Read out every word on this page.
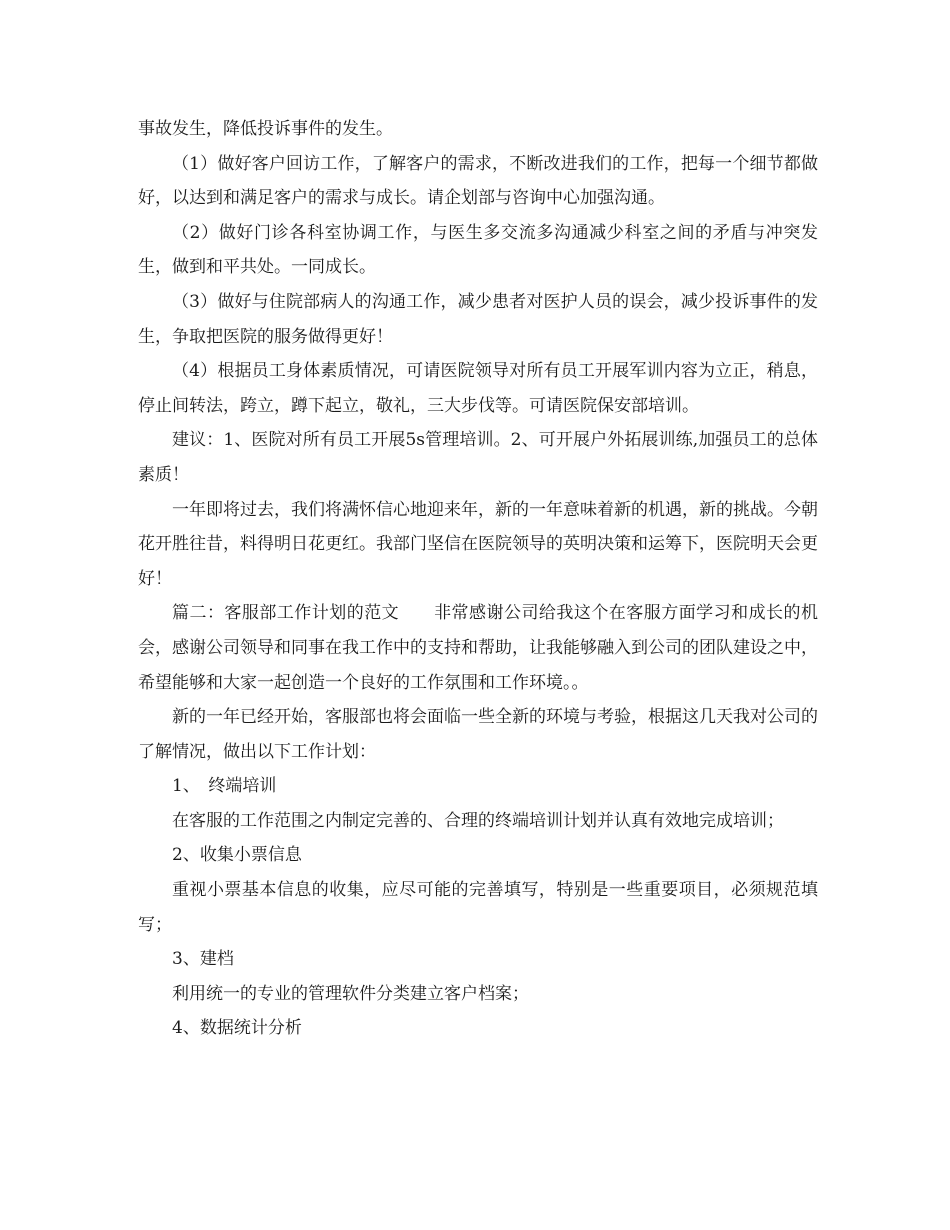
事故发生，降低投诉事件的发生。

（1）做好客户回访工作，了解客户的需求，不断改进我们的工作，把每一个细节都做好，以达到和满足客户的需求与成长。请企划部与咨询中心加强沟通。

（2）做好门诊各科室协调工作，与医生多交流多沟通减少科室之间的矛盾与冲突发生，做到和平共处。一同成长。

（3）做好与住院部病人的沟通工作，减少患者对医护人员的误会，减少投诉事件的发生，争取把医院的服务做得更好！

（4）根据员工身体素质情况，可请医院领导对所有员工开展军训内容为立正，稍息，停止间转法，跨立，蹲下起立，敬礼，三大步伐等。可请医院保安部培训。

建议：1、医院对所有员工开展5s管理培训。2、可开展户外拓展训练,加强员工的总体素质！

一年即将过去，我们将满怀信心地迎来年，新的一年意味着新的机遇，新的挑战。今朝花开胜往昔，料得明日花更红。我部门坚信在医院领导的英明决策和运筹下，医院明天会更好！

篇二：客服部工作计划的范文　　非常感谢公司给我这个在客服方面学习和成长的机会，感谢公司领导和同事在我工作中的支持和帮助，让我能够融入到公司的团队建设之中，希望能够和大家一起创造一个良好的工作氛围和工作环境。。

新的一年已经开始，客服部也将会面临一些全新的环境与考验，根据这几天我对公司的了解情况，做出以下工作计划：

1、　终端培训

在客服的工作范围之内制定完善的、合理的终端培训计划并认真有效地完成培训；

2、收集小票信息

重视小票基本信息的收集，应尽可能的完善填写，特别是一些重要项目，必须规范填写；

3、建档

利用统一的专业的管理软件分类建立客户档案；

4、数据统计分析
